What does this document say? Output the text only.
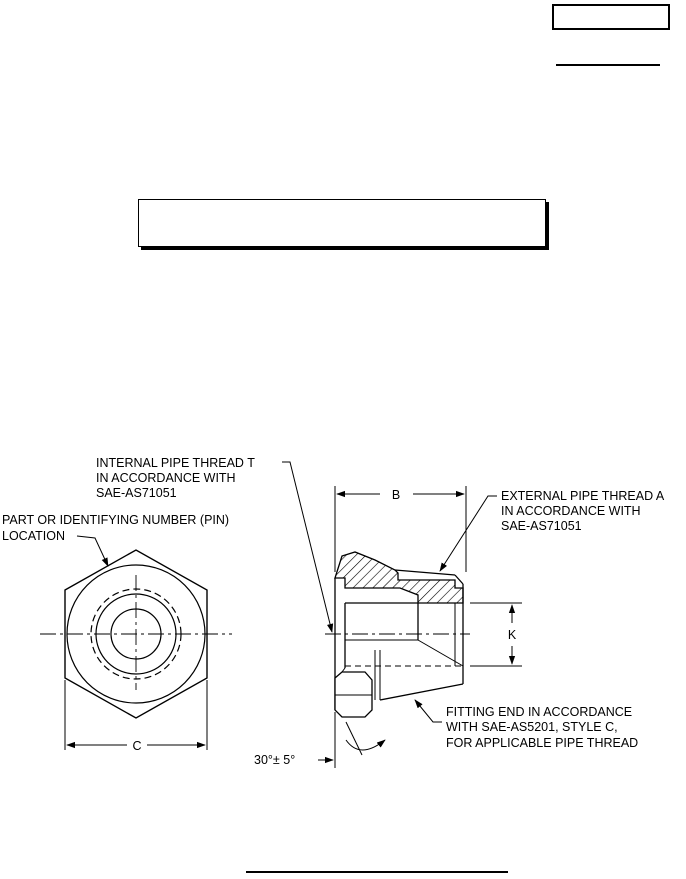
INTERNAL PIPE THREAD T
IN ACCORDANCE WITH
SAE-AS71051
PART OR IDENTIFYING NUMBER (PIN)
LOCATION
EXTERNAL PIPE THREAD A
IN ACCORDANCE WITH
SAE-AS71051
FITTING END IN ACCORDANCE
WITH SAE-AS5201, STYLE C,
FOR APPLICABLE PIPE THREAD
B
C
K
30°± 5°
